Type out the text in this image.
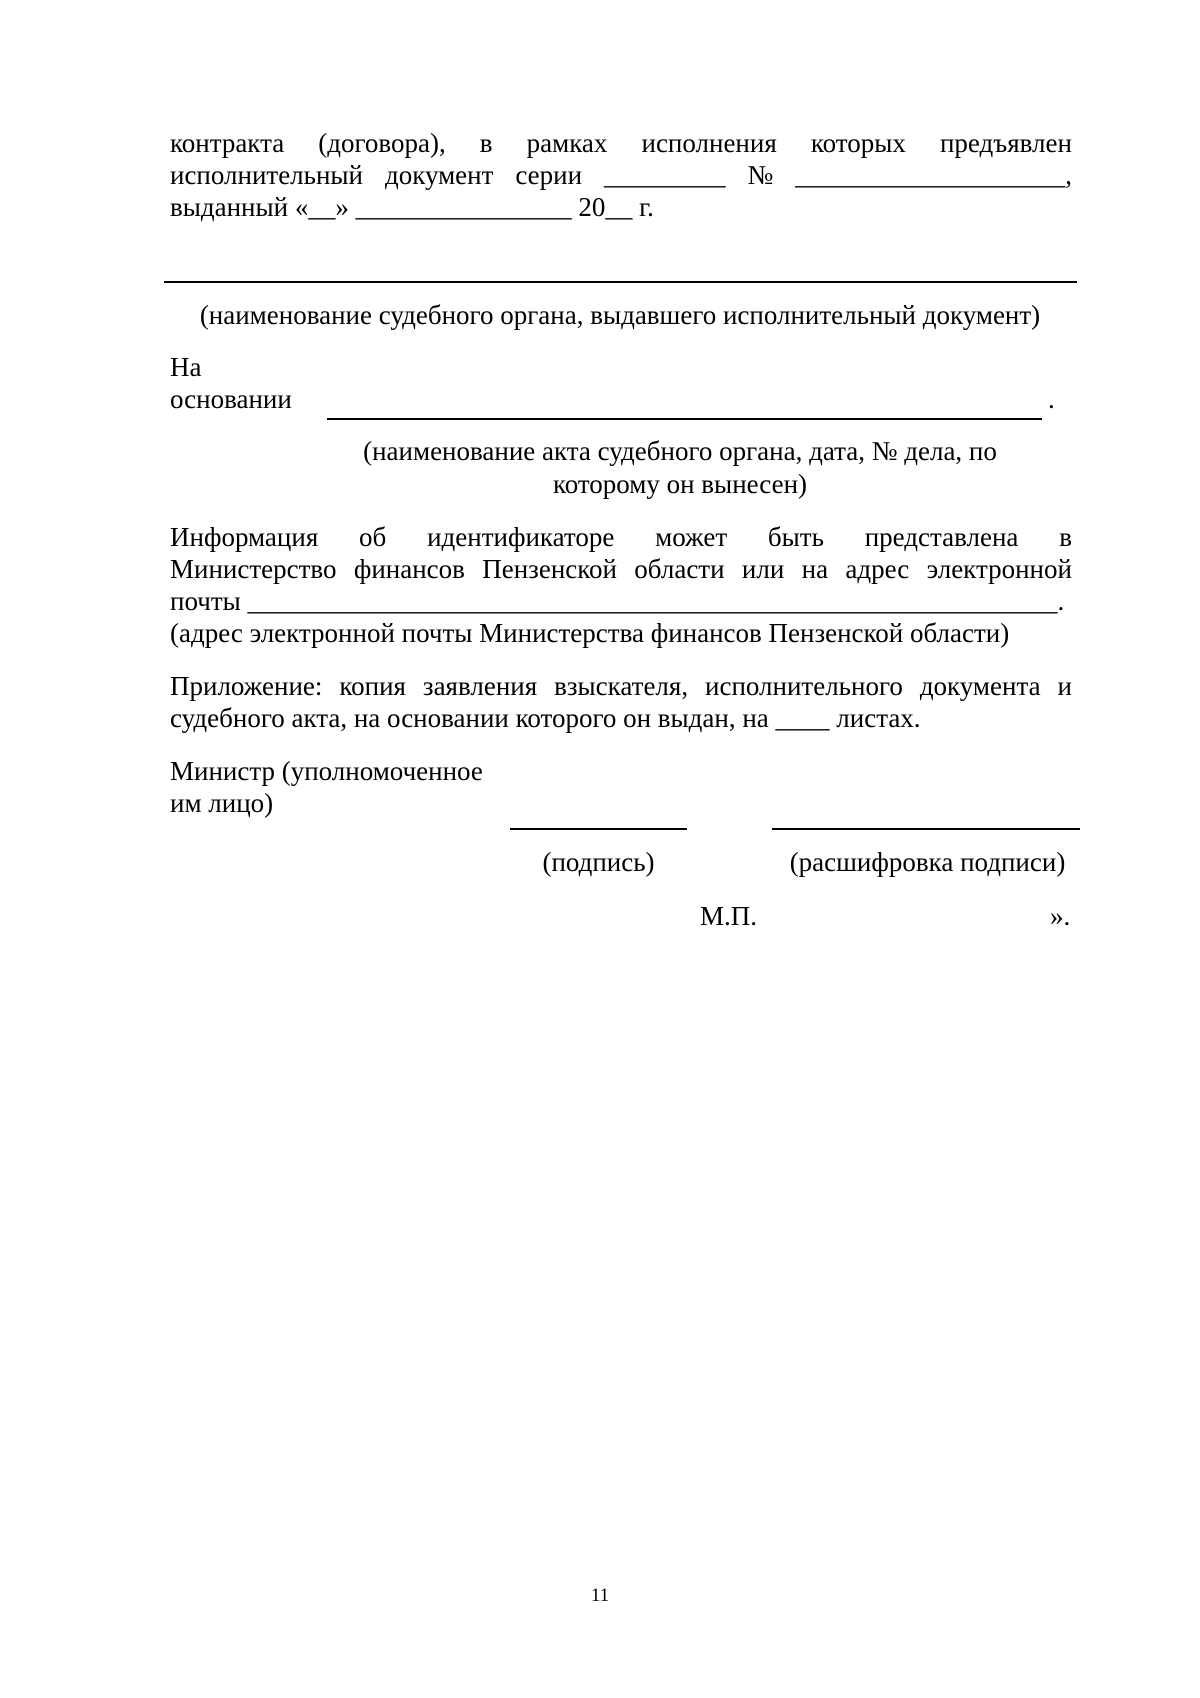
контракта (договора), в рамках исполнения которых предъявлен
исполнительный документ серии _________ № ____________________,
выданный «__» ________________ 20__ г.
(наименование судебного органа, выдавшего исполнительный документ)
На
основании	.
(наименование акта судебного органа, дата, № дела, по
которому он вынесен)
Информация об идентификаторе может быть представлена в
Министерство финансов Пензенской области или на адрес электронной
почты ____________________________________________________________.
(адрес электронной почты Министерства финансов Пензенской области)
Приложение: копия заявления взыскателя, исполнительного документа и
судебного акта, на основании которого он выдан, на ____ листах.
Министр (уполномоченное
им лицо)
(подпись)	(расшифровка подписи)
М.П.	».
11
